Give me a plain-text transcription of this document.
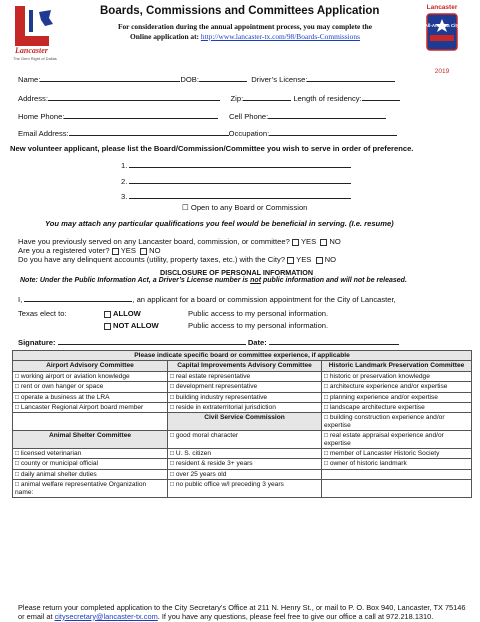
Lancaster
The Gem Right of Dallas
Lancaster
All-America City
2019
Boards, Commissions and Committees Application
For consideration during the annual appointment process, you may complete the
Online application at: http://www.lancaster-tx.com/98/Boards-Commissions
Name:	DOB:	Driver’s License:
Address:	Zip:	Length of residency:
Home Phone:	Cell Phone:
Email Address:	Occupation:
New volunteer applicant, please list the Board/Commission/Committee you wish to serve in order of preference.
1.
2.
3.
☐ Open to any Board or Commission
You may attach any particular qualifications you feel would be beneficial in serving. (I.e. resume)
Have you previously served on any Lancaster board, commission, or committee? YES NO
Are you a registered voter? YES NO
Do you have any delinquent accounts (utility, property taxes, etc.) with the City? YES NO
DISCLOSURE OF PERSONAL INFORMATION
Note: Under the Public Information Act, a Driver’s License number is not public information and will not be released.
I,	, an applicant for a board or commission appointment for the City of Lancaster,
Texas elect to:	ALLOW	Public access to my personal information.
NOT ALLOW	Public access to my personal information.
Signature:	Date:
Please indicate specific board or committee experience, if applicable		
Airport Advisory Committee	Capital Improvements Advisory Committee	Historic Landmark Preservation Committee
□ working airport or aviation knowledge	□ real estate representative	□ historic or preservation knowledge
□ rent or own hanger or space	□ development representative	□ architecture experience and/or expertise
□ operate a business at the LRA	□ building industry representative	□ planning experience and/or expertise
□ Lancaster Regional Airport board member	□ reside in extraterritorial jurisdiction	□ landscape architecture expertise
	Civil Service Commission	□ building construction experience and/or expertise
Animal Shelter Committee	□ good moral character	□ real estate appraisal experience and/or expertise
□ licensed veterinarian	□ U. S. citizen	□ member of Lancaster Historic Society
□ county or municipal official	□ resident & reside 3+ years	□ owner of historic landmark
□ daily animal shelter duties	□ over 25 years old	
□ animal welfare representative Organization name:	□ no public office w/l preceding 3 years	
Please return your completed application to the City Secretary’s Office at 211 N. Henry St., or mail to P. O. Box 940, Lancaster, TX 75146 or email at citysecretary@lancaster-tx.com. If you have any questions, please feel free to give our office a call at 972.218.1310.
